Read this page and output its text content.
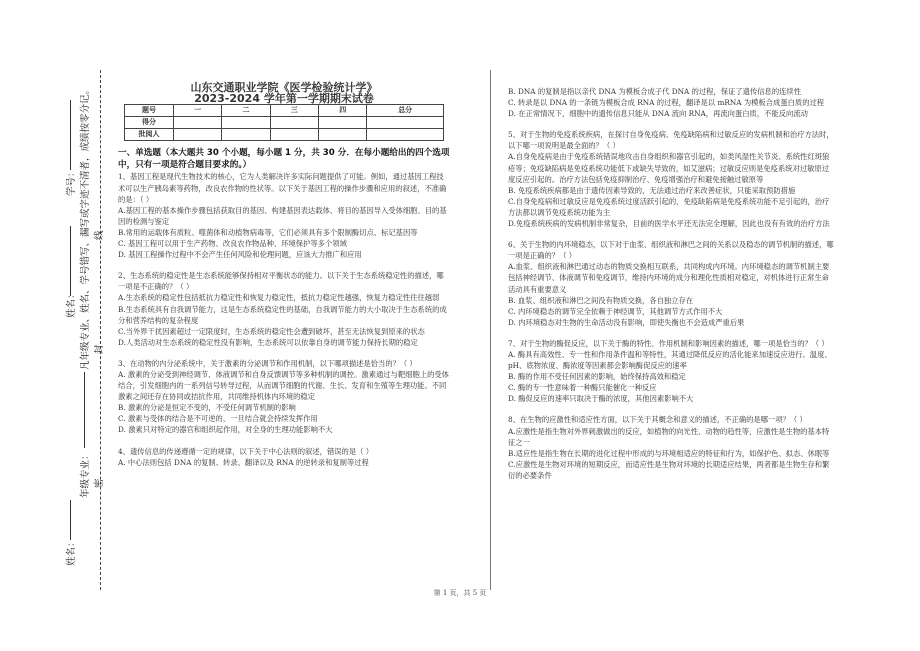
学号：
姓名：
年级专业：
姓名：
凡年级专业、姓名、学号错写、漏写或字迹不清者，成绩按零分记。 线
封
密

山东交通职业学院《医学检验统计学》

2023-2024 学年第一学期期末试卷

题号	一	二	三	四	总分
得分					
批阅人					

一、单选题（本大题共 30 个小题，每小题 1 分，共 30 分．在每小题给出的四个选项中，只有一项是符合题目要求的。）

1、基因工程是现代生物技术的核心，它为人类解决许多实际问题提供了可能。例如，通过基因工程技术可以生产胰岛素等药物，改良农作物的性状等。以下关于基因工程的操作步骤和应用的叙述，不准确的是：（ ）

A.基因工程的基本操作步骤包括获取目的基因、构建基因表达载体、将目的基因导入受体细胞、目的基因的检测与鉴定

B.常用的运载体有质粒、噬菌体和动植物病毒等，它们必须具有多个限制酶切点、标记基因等

C. 基因工程可以用于生产药物、改良农作物品种、环境保护等多个领域

D. 基因工程操作过程中不会产生任何风险和伦理问题，应该大力推广和应用

2、生态系统的稳定性是生态系统能够保持相对平衡状态的能力。以下关于生态系统稳定性的描述，哪一项是不正确的？（ ）

A.生态系统的稳定性包括抵抗力稳定性和恢复力稳定性，抵抗力稳定性越强，恢复力稳定性往往越弱

B.生态系统具有自我调节能力，这是生态系统稳定性的基础，自我调节能力的大小取决于生态系统的成分和营养结构的复杂程度

C.当外界干扰因素超过一定限度时，生态系统的稳定性会遭到破坏，甚至无法恢复到原来的状态

D.人类活动对生态系统的稳定性没有影响，生态系统可以依靠自身的调节能力保持长期的稳定

3、在动物的内分泌系统中，关于激素的分泌调节和作用机制，以下哪项描述是恰当的？（ ）

A. 激素的分泌受到神经调节、体液调节和自身反馈调节等多种机制的调控。激素通过与靶细胞上的受体结合，引发细胞内的一系列信号转导过程，从而调节细胞的代谢、生长、发育和生殖等生理功能。不同激素之间还存在协同或拮抗作用，共同维持机体内环境的稳定

B. 激素的分泌是恒定不变的，不受任何调节机制的影响

C. 激素与受体的结合是不可逆的，一旦结合就会持续发挥作用

D. 激素只对特定的器官和组织起作用，对全身的生理功能影响不大

4、遗传信息的传递遵循一定的规律，以下关于中心法则的叙述，错误的是（ ）

A. 中心法则包括 DNA 的复制、转录、翻译以及 RNA 的逆转录和复制等过程

B. DNA 的复制是指以亲代 DNA 为模板合成子代 DNA 的过程，保证了遗传信息的连续性

C. 转录是以 DNA 的一条链为模板合成 RNA 的过程，翻译是以 mRNA 为模板合成蛋白质的过程

D. 在正常情况下，细胞中的遗传信息只能从 DNA 流向 RNA，再流向蛋白质，不能反向流动

5、对于生物的免疫系统疾病，在探讨自身免疫病、免疫缺陷病和过敏反应的发病机制和治疗方法时，以下哪一项说明是最全面的？（ ）

A.自身免疫病是由于免疫系统错误地攻击自身组织和器官引起的，如类风湿性关节炎、系统性红斑狼疮等；免疫缺陷病是免疫系统功能低下或缺失导致的，如艾滋病；过敏反应则是免疫系统对过敏原过度反应引起的。治疗方法包括免疫抑制治疗、免疫增强治疗和避免接触过敏原等

B. 免疫系统疾病都是由于遗传因素导致的，无法通过治疗来改善症状，只能采取预防措施

C.自身免疫病和过敏反应是免疫系统过度活跃引起的，免疫缺陷病是免疫系统功能不足引起的，治疗方法都以调节免疫系统功能为主

D.免疫系统疾病的发病机制非常复杂，目前的医学水平还无法完全理解，因此也没有有效的治疗方法

6、关于生物的内环境稳态，以下对于血浆、组织液和淋巴之间的关系以及稳态的调节机制的描述，哪一项是正确的？（ ）

A.血浆、组织液和淋巴通过动态的物质交换相互联系，共同构成内环境。内环境稳态的调节机制主要包括神经调节、体液调节和免疫调节，维持内环境的成分和理化性质相对稳定，对机体进行正常生命活动具有重要意义

B. 血浆、组织液和淋巴之间没有物质交换，各自独立存在

C. 内环境稳态的调节完全依赖于神经调节，其他调节方式作用不大

D. 内环境稳态对生物的生命活动没有影响，即使失衡也不会造成严重后果

7、对于生物的酶促反应，以下关于酶的特性、作用机制和影响因素的描述，哪一项是恰当的？（ ）

A. 酶具有高效性、专一性和作用条件温和等特性，其通过降低反应的活化能来加速反应进行。温度、pH、底物浓度、酶浓度等因素都会影响酶促反应的速率

B. 酶的作用不受任何因素的影响，始终保持高效和稳定

C. 酶的专一性意味着一种酶只能催化一种反应

D. 酶促反应的速率只取决于酶的浓度，其他因素影响不大

8、在生物的应激性和适应性方面，以下关于其概念和意义的描述，不正确的是哪一项？（ ）

A.应激性是指生物对外界刺激做出的反应，如植物的向光性、动物的趋性等，应激性是生物的基本特征之一

B.适应性是指生物在长期的进化过程中形成的与环境相适应的特征和行为，如保护色、拟态、休眠等

C.应激性是生物对环境的短期反应，而适应性是生物对环境的长期适应结果，两者都是生物生存和繁衍的必要条件

第 1 页，共 5 页
